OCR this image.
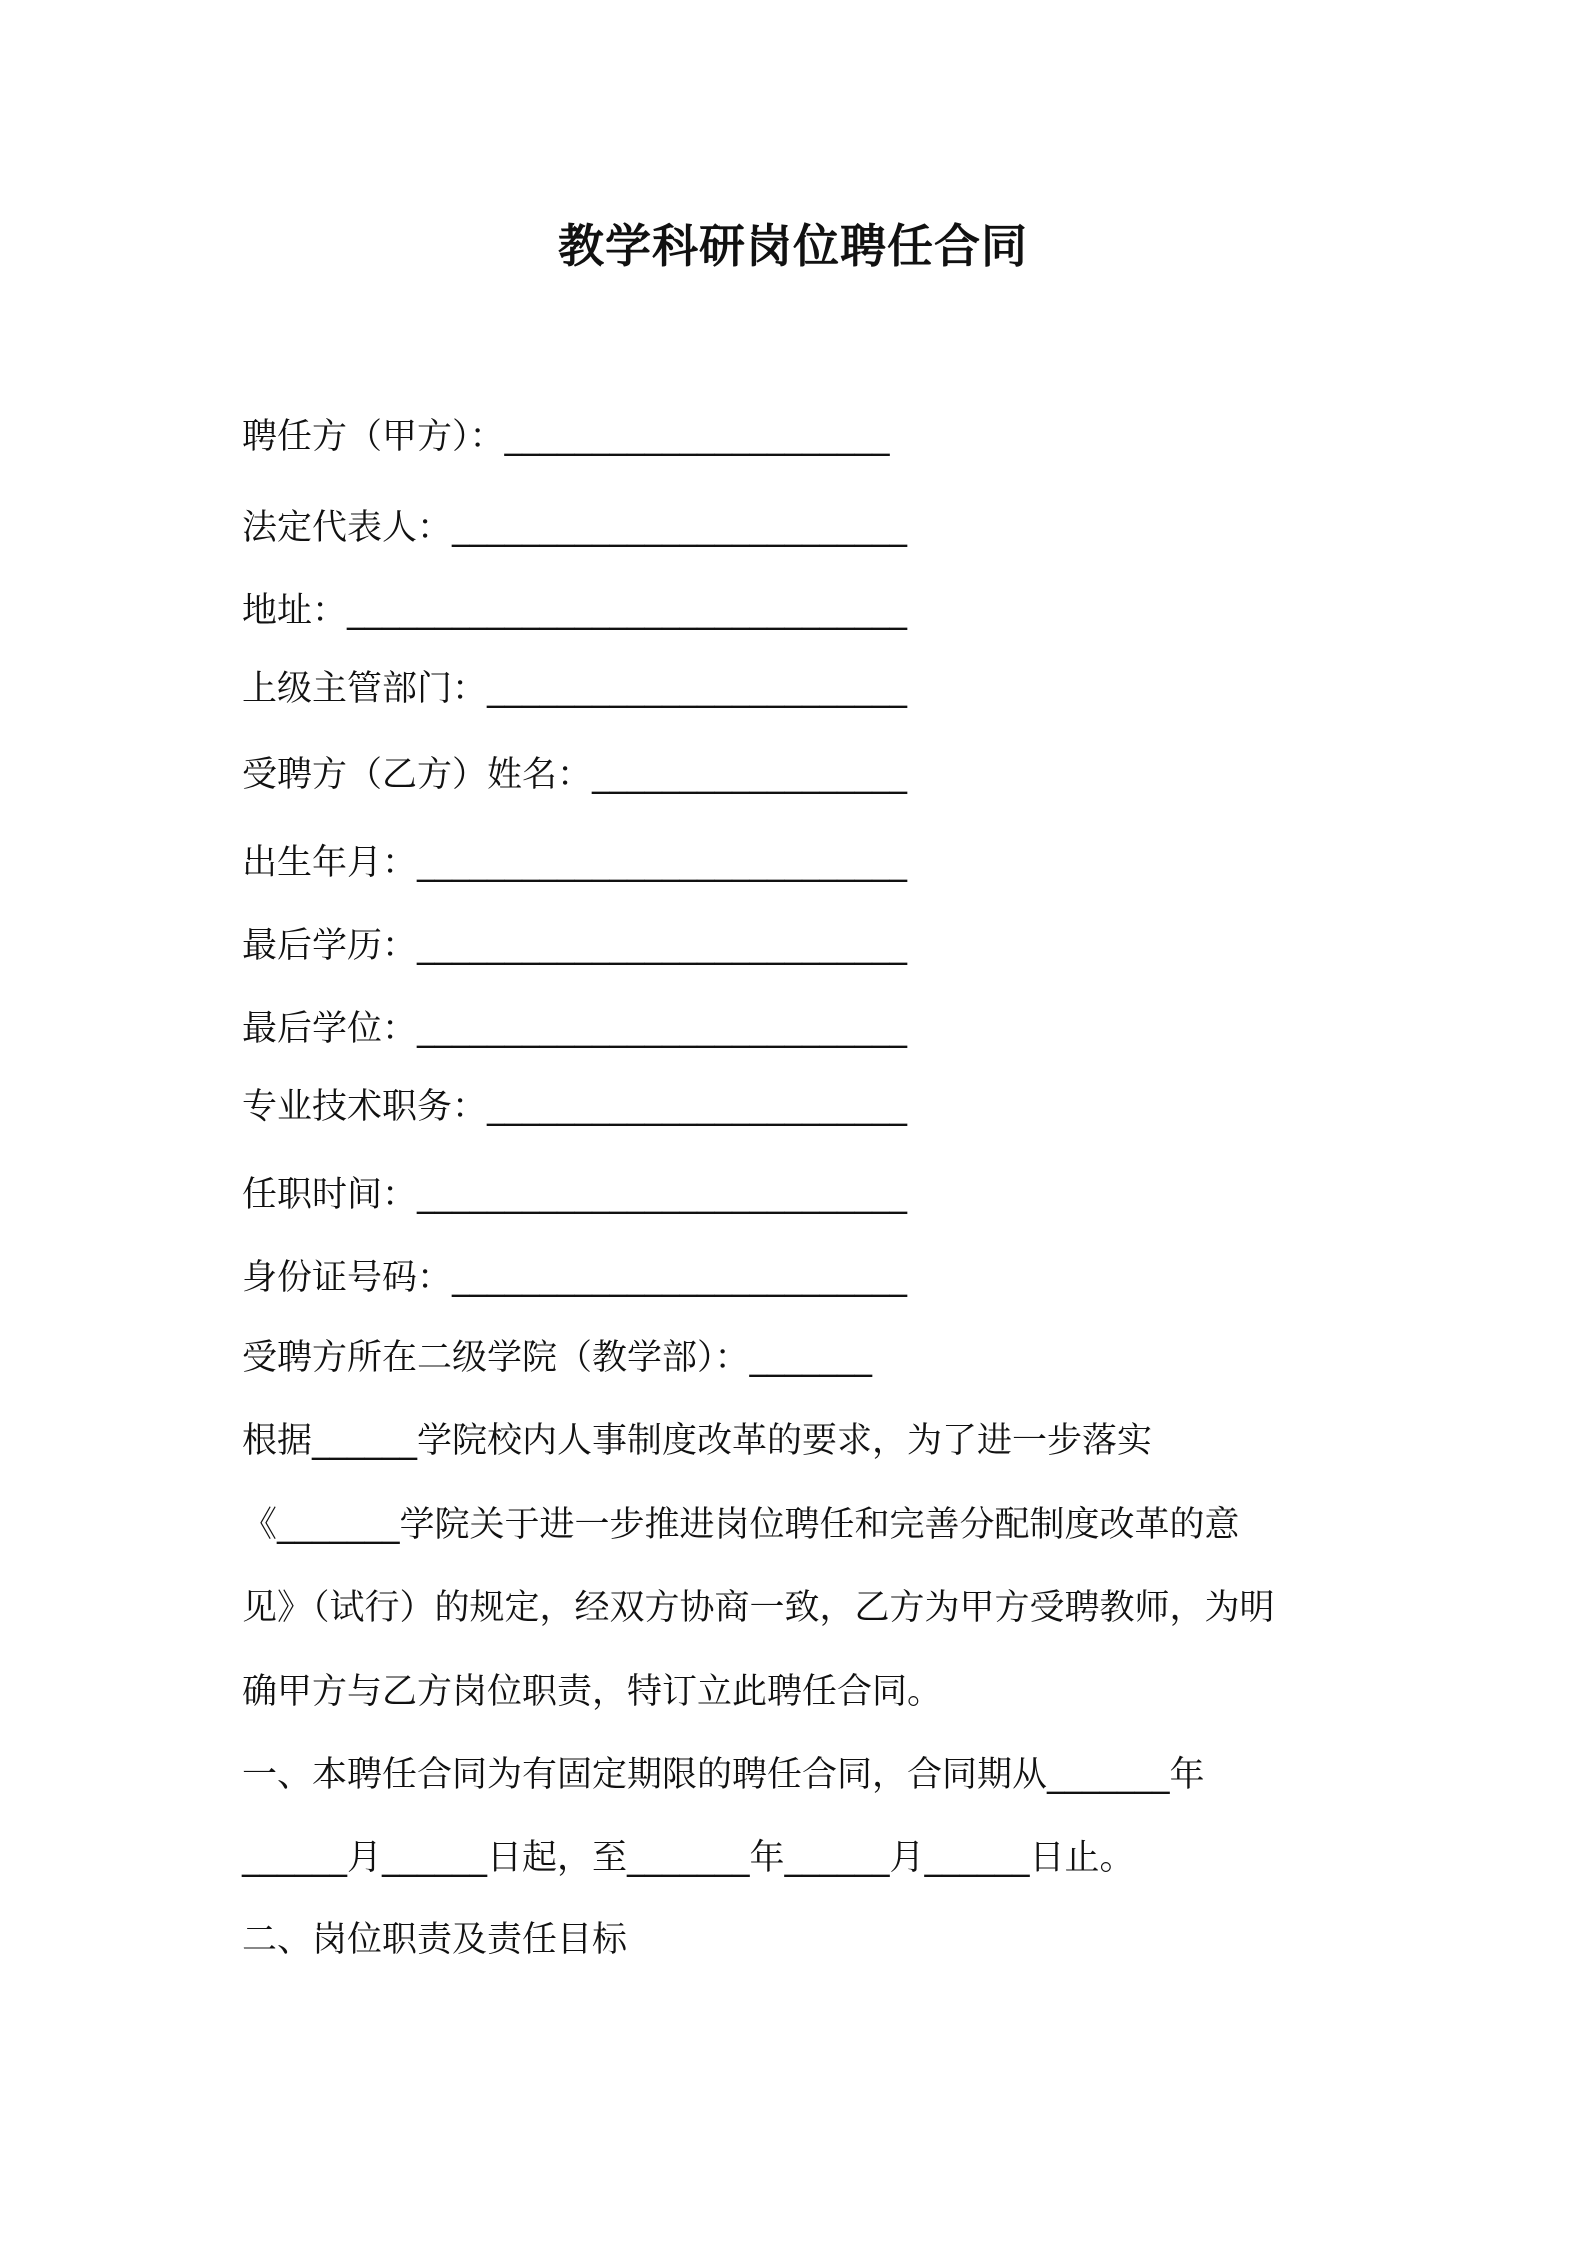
教学科研岗位聘任合同
聘任方（甲方）：______________________
法定代表人：__________________________
地址：________________________________
上级主管部门：________________________
受聘方（乙方）姓名：__________________
出生年月：____________________________
最后学历：____________________________
最后学位：____________________________
专业技术职务：________________________
任职时间：____________________________
身份证号码：__________________________
受聘方所在二级学院（教学部）：_______
根据______学院校内人事制度改革的要求，为了进一步落实
《_______学院关于进一步推进岗位聘任和完善分配制度改革的意
见》（试行）的规定，经双方协商一致，乙方为甲方受聘教师，为明
确甲方与乙方岗位职责，特订立此聘任合同。
一、本聘任合同为有固定期限的聘任合同，合同期从_______年
______月______日起，至_______年______月______日止。
二、岗位职责及责任目标
